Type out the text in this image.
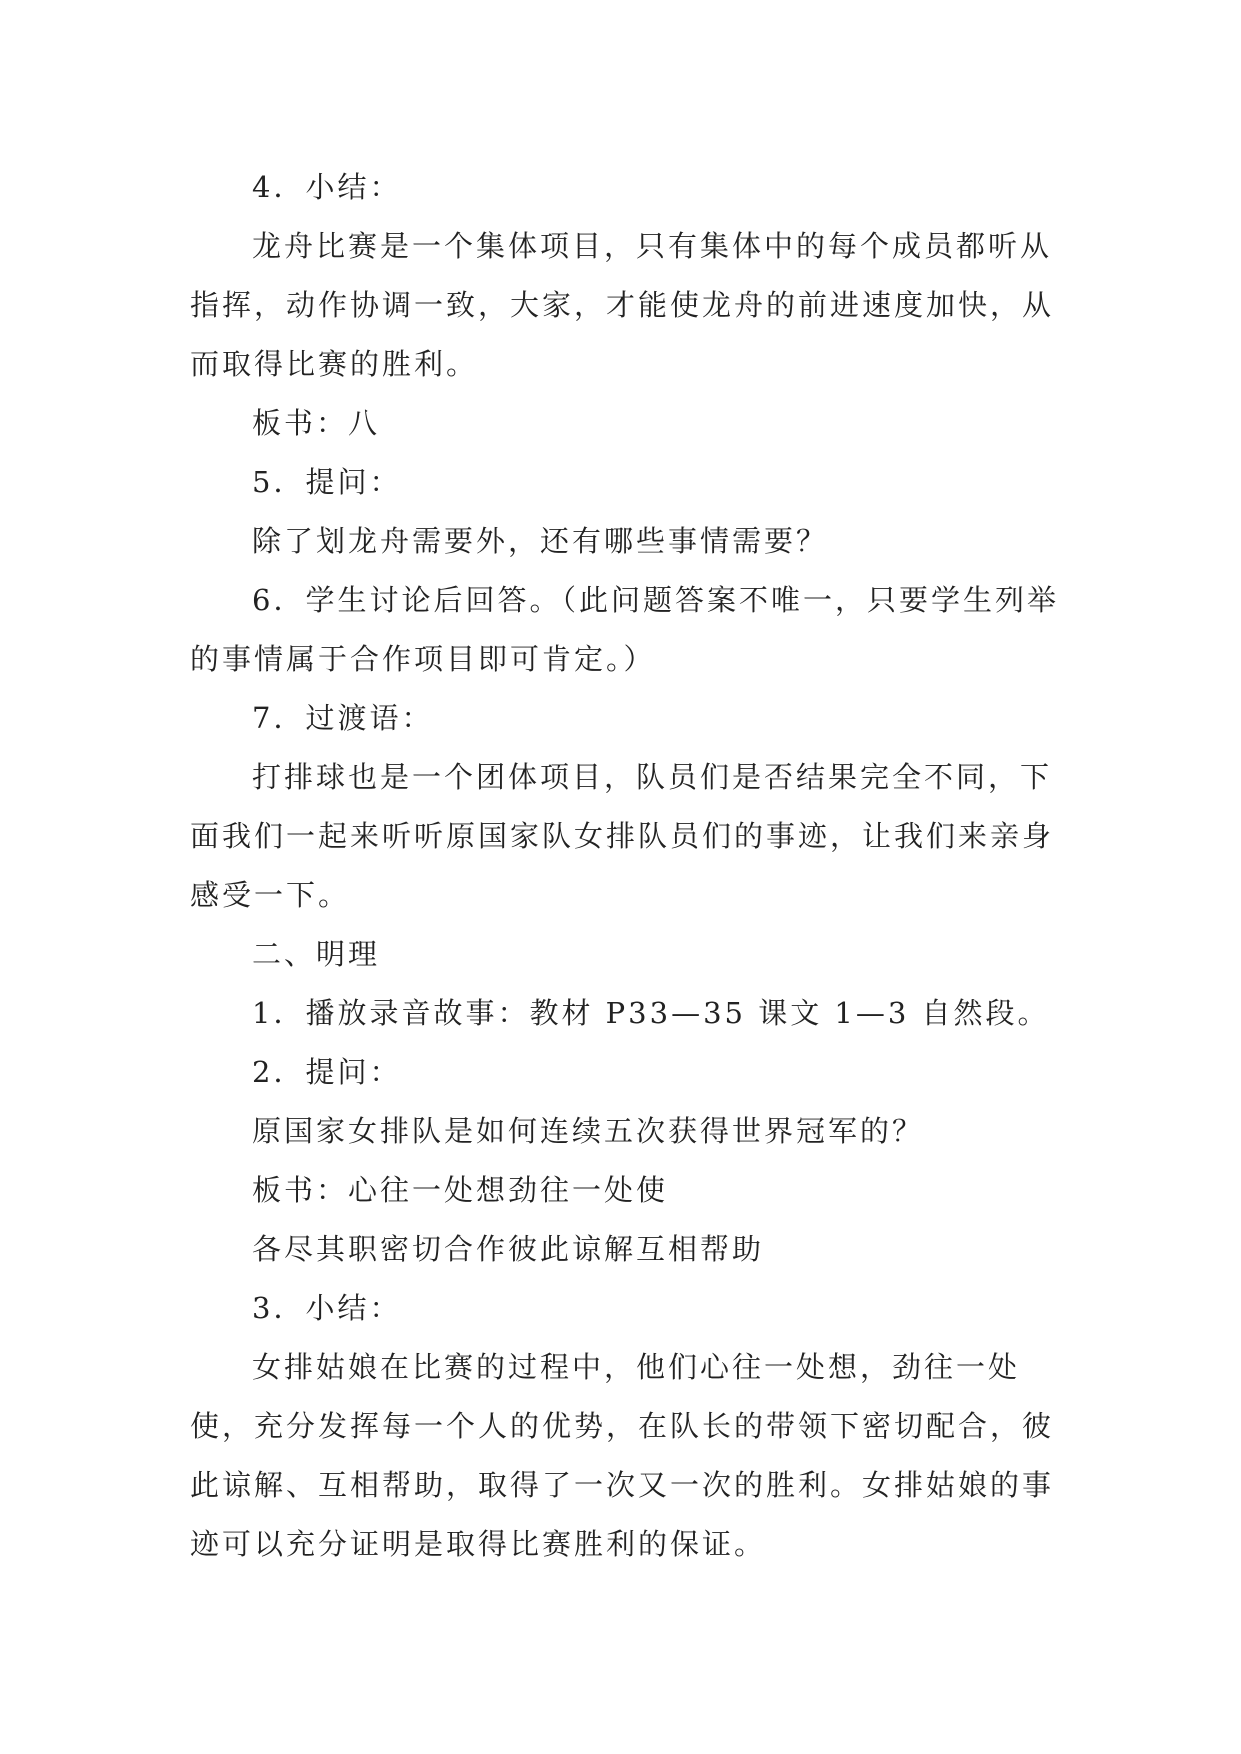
4．小结：

龙舟比赛是一个集体项目，只有集体中的每个成员都听从指挥，动作协调一致，大家，才能使龙舟的前进速度加快，从而取得比赛的胜利。

板书：八

5．提问：

除了划龙舟需要外，还有哪些事情需要？

6．学生讨论后回答。（此问题答案不唯一，只要学生列举的事情属于合作项目即可肯定。）

7．过渡语：

打排球也是一个团体项目，队员们是否结果完全不同，下面我们一起来听听原国家队女排队员们的事迹，让我们来亲身感受一下。

二、明理

1．播放录音故事：教材 P33—35 课文 1—3 自然段。

2．提问：

原国家女排队是如何连续五次获得世界冠军的？

板书：心往一处想劲往一处使

各尽其职密切合作彼此谅解互相帮助

3．小结：

女排姑娘在比赛的过程中，他们心往一处想，劲往一处使，充分发挥每一个人的优势，在队长的带领下密切配合，彼此谅解、互相帮助，取得了一次又一次的胜利。女排姑娘的事迹可以充分证明是取得比赛胜利的保证。
